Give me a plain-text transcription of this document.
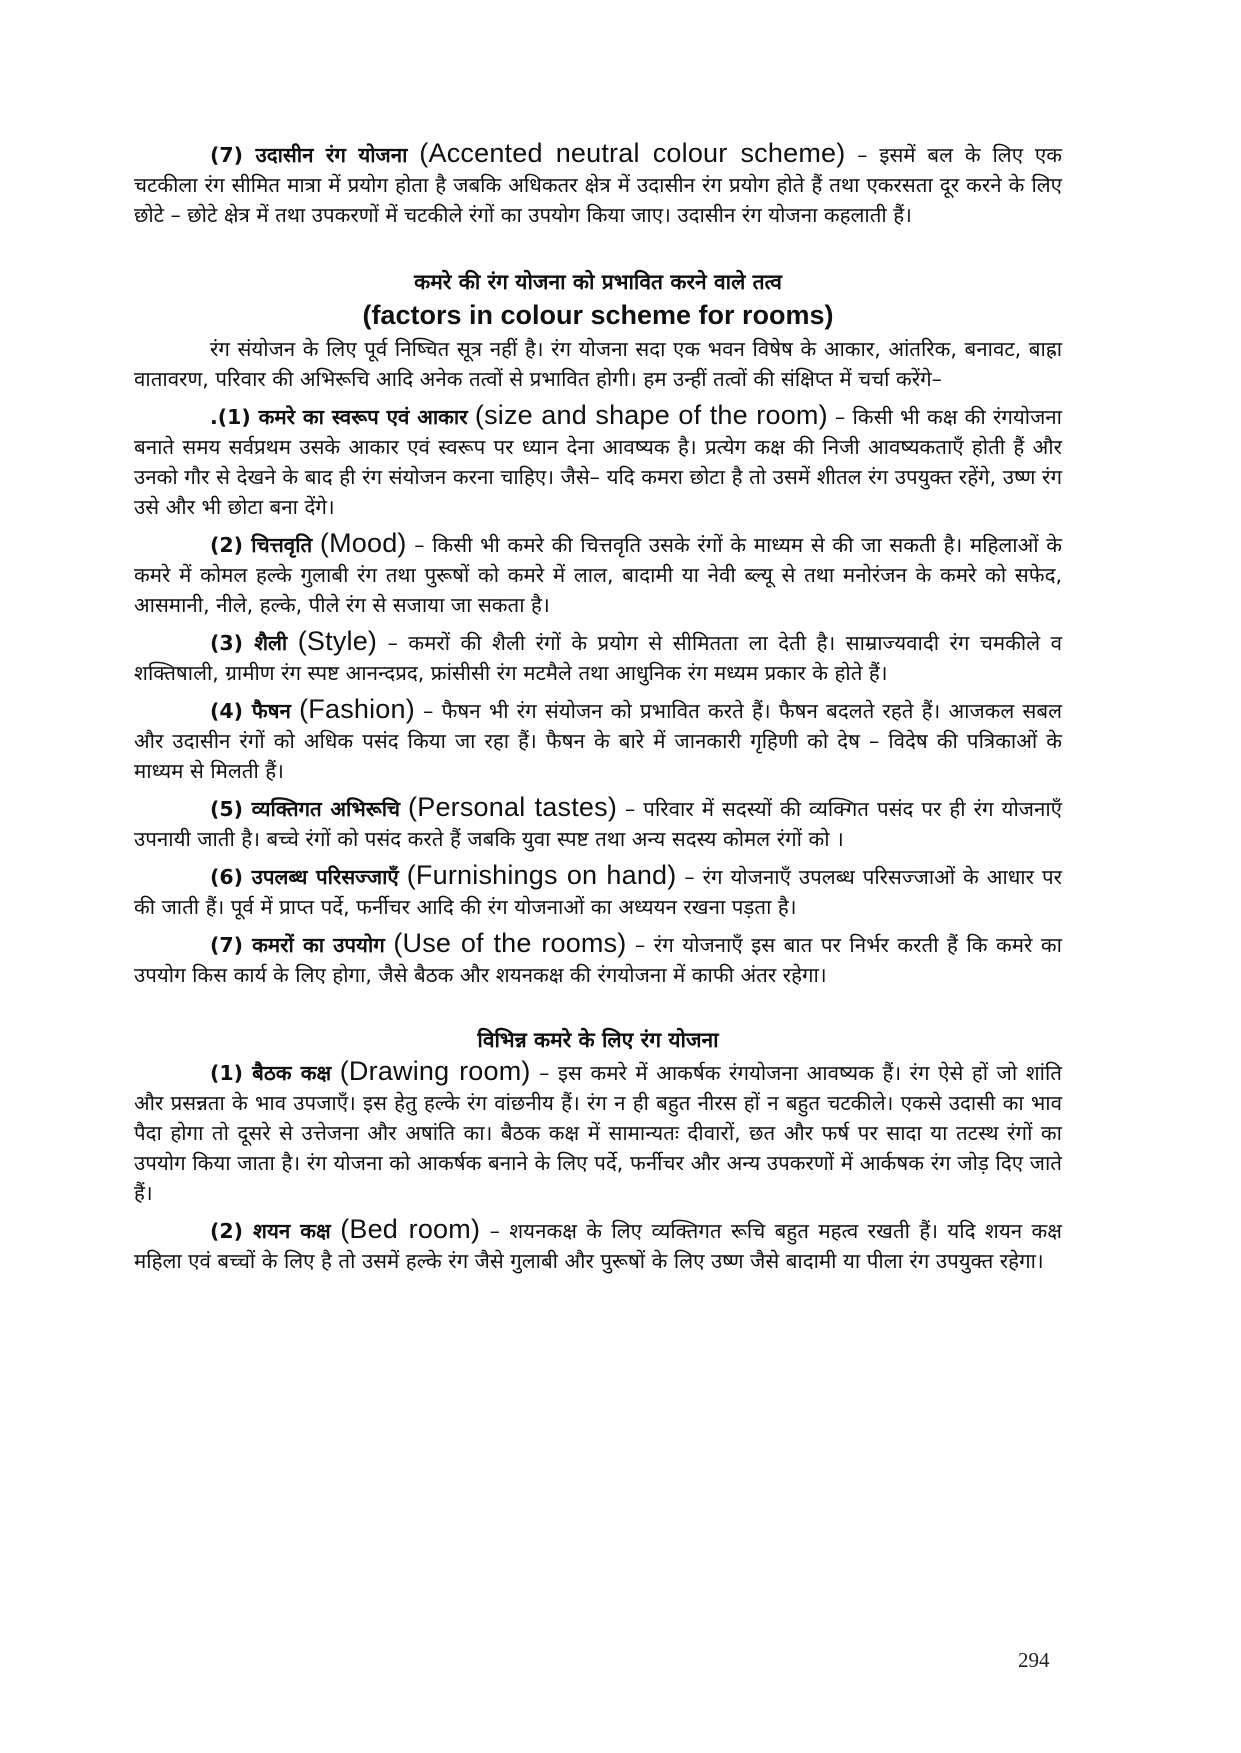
(7) उदासीन रंग योजना (Accented neutral colour scheme) – इसमें बल के लिए एक चटकीला रंग सीमित मात्रा में प्रयोग होता है जबकि अधिकतर क्षेत्र में उदासीन रंग प्रयोग होते हैं तथा एकरसता दूर करने के लिए छोटे – छोटे क्षेत्र में तथा उपकरणों में चटकीले रंगों का उपयोग किया जाए। उदासीन रंग योजना कहलाती हैं।

कमरे की रंग योजना को प्रभावित करने वाले तत्व
(factors in colour scheme for rooms)

रंग संयोजन के लिए पूर्व निष्चित सूत्र नहीं है। रंग योजना सदा एक भवन विषेष के आकार, आंतरिक, बनावट, बाह्रा वातावरण, परिवार की अभिरूचि आदि अनेक तत्वों से प्रभावित होगी। हम उन्हीं तत्वों की संक्षिप्त में चर्चा करेंगे–

.(1) कमरे का स्वरूप एवं आकार (size and shape of the room) – किसी भी कक्ष की रंगयोजना बनाते समय सर्वप्रथम उसके आकार एवं स्वरूप पर ध्यान देना आवष्यक है। प्रत्येग कक्ष की निजी आवष्यकताएँ होती हैं और उनको गौर से देखने के बाद ही रंग संयोजन करना चाहिए। जैसे– यदि कमरा छोटा है तो उसमें शीतल रंग उपयुक्त रहेंगे, उष्ण रंग उसे और भी छोटा बना देंगे।

(2) चित्तवृति (Mood) – किसी भी कमरे की चित्तवृति उसके रंगों के माध्यम से की जा सकती है। महिलाओं के कमरे में कोमल हल्के गुलाबी रंग तथा पुरूषों को कमरे में लाल, बादामी या नेवी ब्ल्यू से तथा मनोरंजन के कमरे को सफेद, आसमानी, नीले, हल्के, पीले रंग से सजाया जा सकता है।

(3) शैली (Style) – कमरों की शैली रंगों के प्रयोग से सीमितता ला देती है। साम्राज्यवादी रंग चमकीले व शक्तिषाली, ग्रामीण रंग स्पष्ट आनन्दप्रद, फ्रांसीसी रंग मटमैले तथा आधुनिक रंग मध्यम प्रकार के होते हैं।

(4) फैषन (Fashion) – फैषन भी रंग संयोजन को प्रभावित करते हैं। फैषन बदलते रहते हैं। आजकल सबल और उदासीन रंगों को अधिक पसंद किया जा रहा हैं। फैषन के बारे में जानकारी गृहिणी को देष – विदेष की पत्रिकाओं के माध्यम से मिलती हैं।

(5) व्यक्तिगत अभिरूचि (Personal tastes) – परिवार में सदस्यों की व्यक्गित पसंद पर ही रंग योजनाएँ उपनायी जाती है। बच्चे रंगों को पसंद करते हैं जबकि युवा स्पष्ट तथा अन्य सदस्य कोमल रंगों को ।

(6) उपलब्ध परिसज्जाएँ (Furnishings on hand) – रंग योजनाएँ उपलब्ध परिसज्जाओं के आधार पर की जाती हैं। पूर्व में प्राप्त पर्दे, फर्नीचर आदि की रंग योजनाओं का अध्ययन रखना पड़ता है।

(7) कमरों का उपयोग (Use of the rooms) – रंग योजनाएँ इस बात पर निर्भर करती हैं कि कमरे का उपयोग किस कार्य के लिए होगा, जैसे बैठक और शयनकक्ष की रंगयोजना में काफी अंतर रहेगा।

विभिन्न कमरे के लिए रंग योजना

(1) बैठक कक्ष (Drawing room) – इस कमरे में आकर्षक रंगयोजना आवष्यक हैं। रंग ऐसे हों जो शांति और प्रसन्नता के भाव उपजाएँ। इस हेतु हल्के रंग वांछनीय हैं। रंग न ही बहुत नीरस हों न बहुत चटकीले। एकसे उदासी का भाव पैदा होगा तो दूसरे से उत्तेजना और अषांति का। बैठक कक्ष में सामान्यतः दीवारों, छत और फर्ष पर सादा या तटस्थ रंगों का उपयोग किया जाता है। रंग योजना को आकर्षक बनाने के लिए पर्दे, फर्नीचर और अन्य उपकरणों में आर्कषक रंग जोड़ दिए जाते हैं।

(2) शयन कक्ष (Bed room) – शयनकक्ष के लिए व्यक्तिगत रूचि बहुत महत्व रखती हैं। यदि शयन कक्ष महिला एवं बच्चों के लिए है तो उसमें हल्के रंग जैसे गुलाबी और पुरूषों के लिए उष्ण जैसे बादामी या पीला रंग उपयुक्त रहेगा।

294
